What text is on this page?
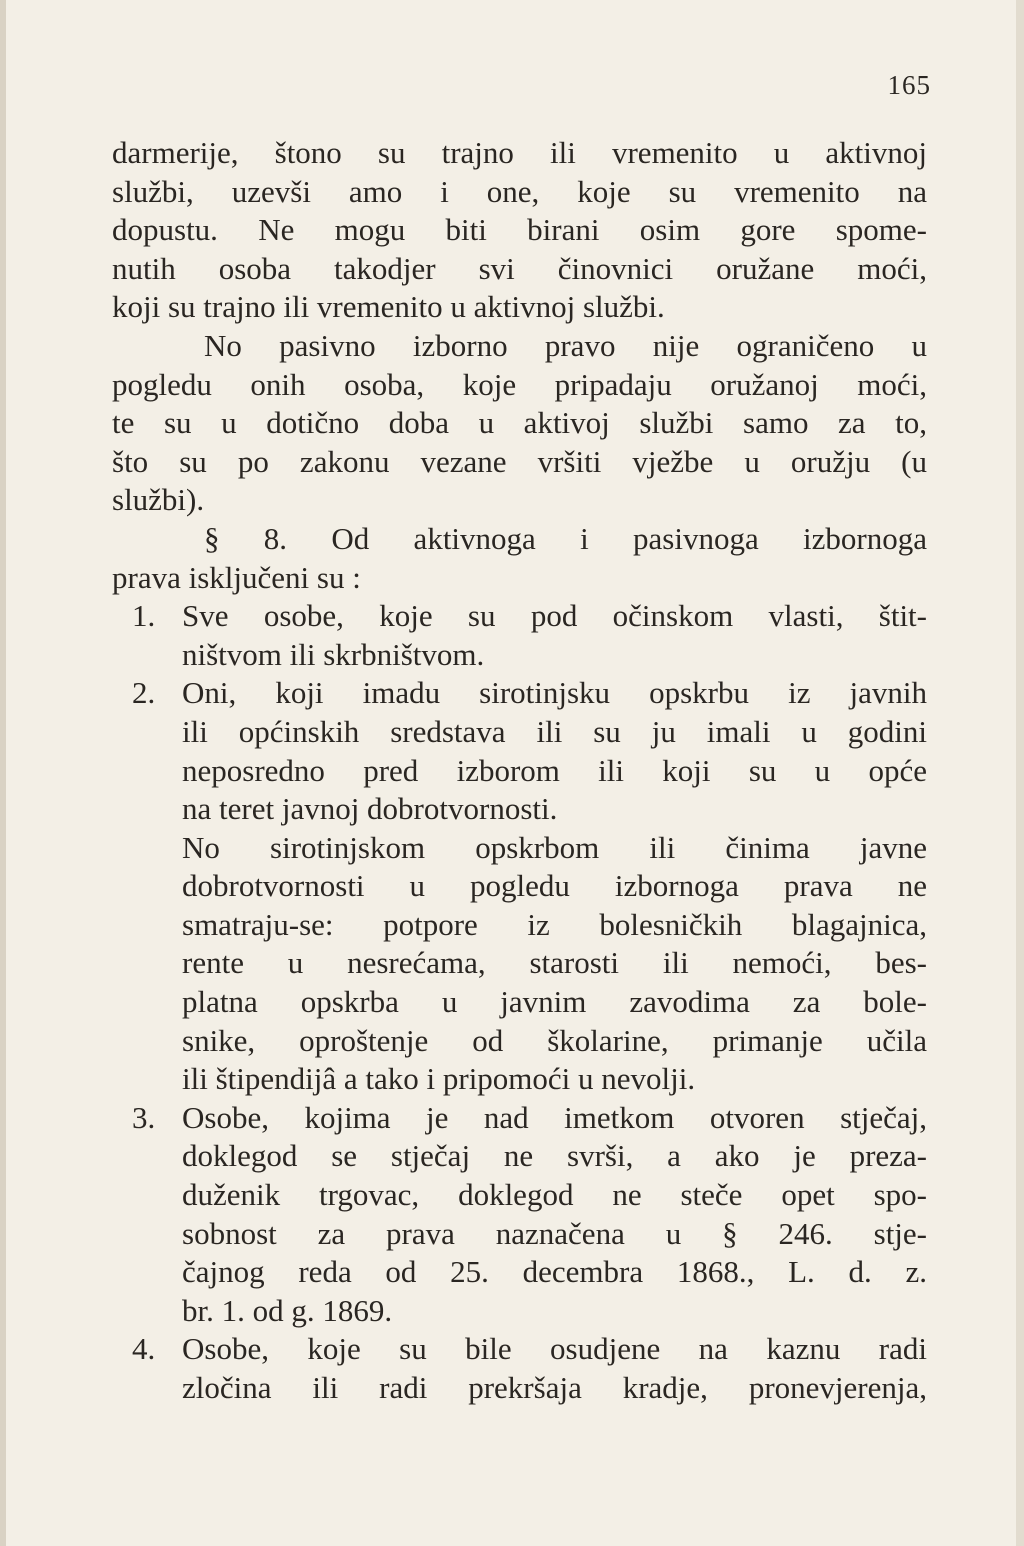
165
darmerije, štono su trajno ili vremenito u aktivnoj
službi, uzevši amo i one, koje su vremenito na
dopustu. Ne mogu biti birani osim gore spome-
nutih osoba takodjer svi činovnici oružane moći,
koji su trajno ili vremenito u aktivnoj službi.
No pasivno izborno pravo nije ograničeno u
pogledu onih osoba, koje pripadaju oružanoj moći,
te su u dotično doba u aktivoj službi samo za to,
što su po zakonu vezane vršiti vježbe u oružju (u
službi).
§ 8. Od aktivnoga i pasivnoga izbornoga
prava isključeni su :
1. Sve osobe, koje su pod očinskom vlasti, štit-
ništvom ili skrbništvom.
2. Oni, koji imadu sirotinjsku opskrbu iz javnih
ili općinskih sredstava ili su ju imali u godini
neposredno pred izborom ili koji su u opće
na teret javnoj dobrotvornosti.
No sirotinjskom opskrbom ili činima javne
dobrotvornosti u pogledu izbornoga prava ne
smatraju-se: potpore iz bolesničkih blagajnica,
rente u nesrećama, starosti ili nemoći, bes-
platna opskrba u javnim zavodima za bole-
snike, oproštenje od školarine, primanje učila
ili štipendijâ a tako i pripomoći u nevolji.
3. Osobe, kojima je nad imetkom otvoren stječaj,
doklegod se stječaj ne svrši, a ako je preza-
duženik trgovac, doklegod ne steče opet spo-
sobnost za prava naznačena u § 246. stje-
čajnog reda od 25. decembra 1868., L. d. z.
br. 1. od g. 1869.
4. Osobe, koje su bile osudjene na kaznu radi
zločina ili radi prekršaja kradje, pronevjerenja,
